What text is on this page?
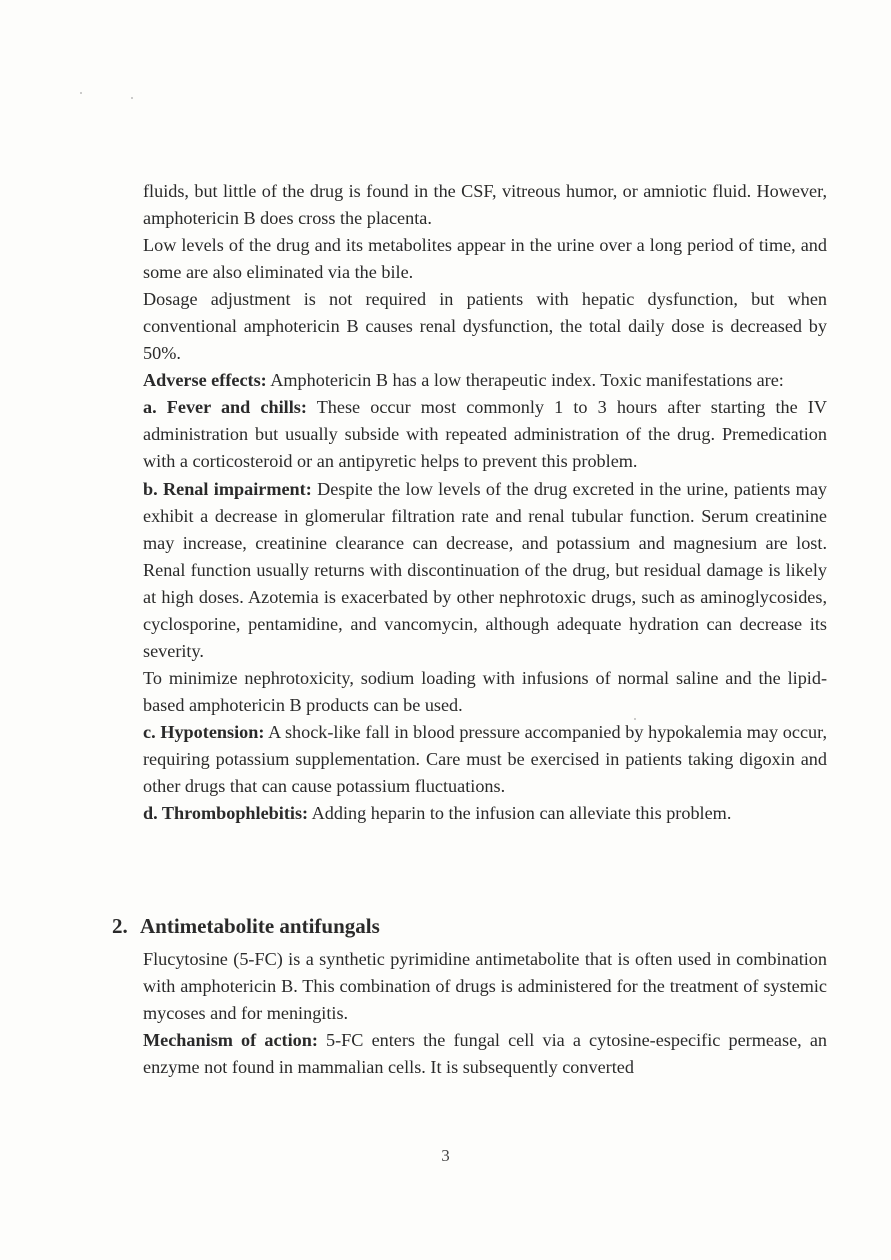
fluids, but little of the drug is found in the CSF, vitreous humor, or amniotic fluid. However, amphotericin B does cross the placenta.

Low levels of the drug and its metabolites appear in the urine over a long period of time, and some are also eliminated via the bile.

Dosage adjustment is not required in patients with hepatic dysfunction, but when conventional amphotericin B causes renal dysfunction, the total daily dose is decreased by 50%.

Adverse effects: Amphotericin B has a low therapeutic index. Toxic manifestations are:

a. Fever and chills: These occur most commonly 1 to 3 hours after starting the IV administration but usually subside with repeated administration of the drug. Premedication with a corticosteroid or an antipyretic helps to prevent this problem.

b. Renal impairment: Despite the low levels of the drug excreted in the urine, patients may exhibit a decrease in glomerular filtration rate and renal tubular function. Serum creatinine may increase, creatinine clearance can decrease, and potassium and magnesium are lost. Renal function usually returns with discontinuation of the drug, but residual damage is likely at high doses. Azotemia is exacerbated by other nephrotoxic drugs, such as aminoglycosides, cyclosporine, pentamidine, and vancomycin, although adequate hydration can decrease its severity.

To minimize nephrotoxicity, sodium loading with infusions of normal saline and the lipid-based amphotericin B products can be used.

c. Hypotension: A shock-like fall in blood pressure accompanied by hypokalemia may occur, requiring potassium supplementation. Care must be exercised in patients taking digoxin and other drugs that can cause potassium fluctuations.

d. Thrombophlebitis: Adding heparin to the infusion can alleviate this problem.

2. Antimetabolite antifungals

Flucytosine (5-FC) is a synthetic pyrimidine antimetabolite that is often used in combination with amphotericin B. This combination of drugs is administered for the treatment of systemic mycoses and for meningitis.

Mechanism of action: 5-FC enters the fungal cell via a cytosine-especific permease, an enzyme not found in mammalian cells. It is subsequently converted

3
